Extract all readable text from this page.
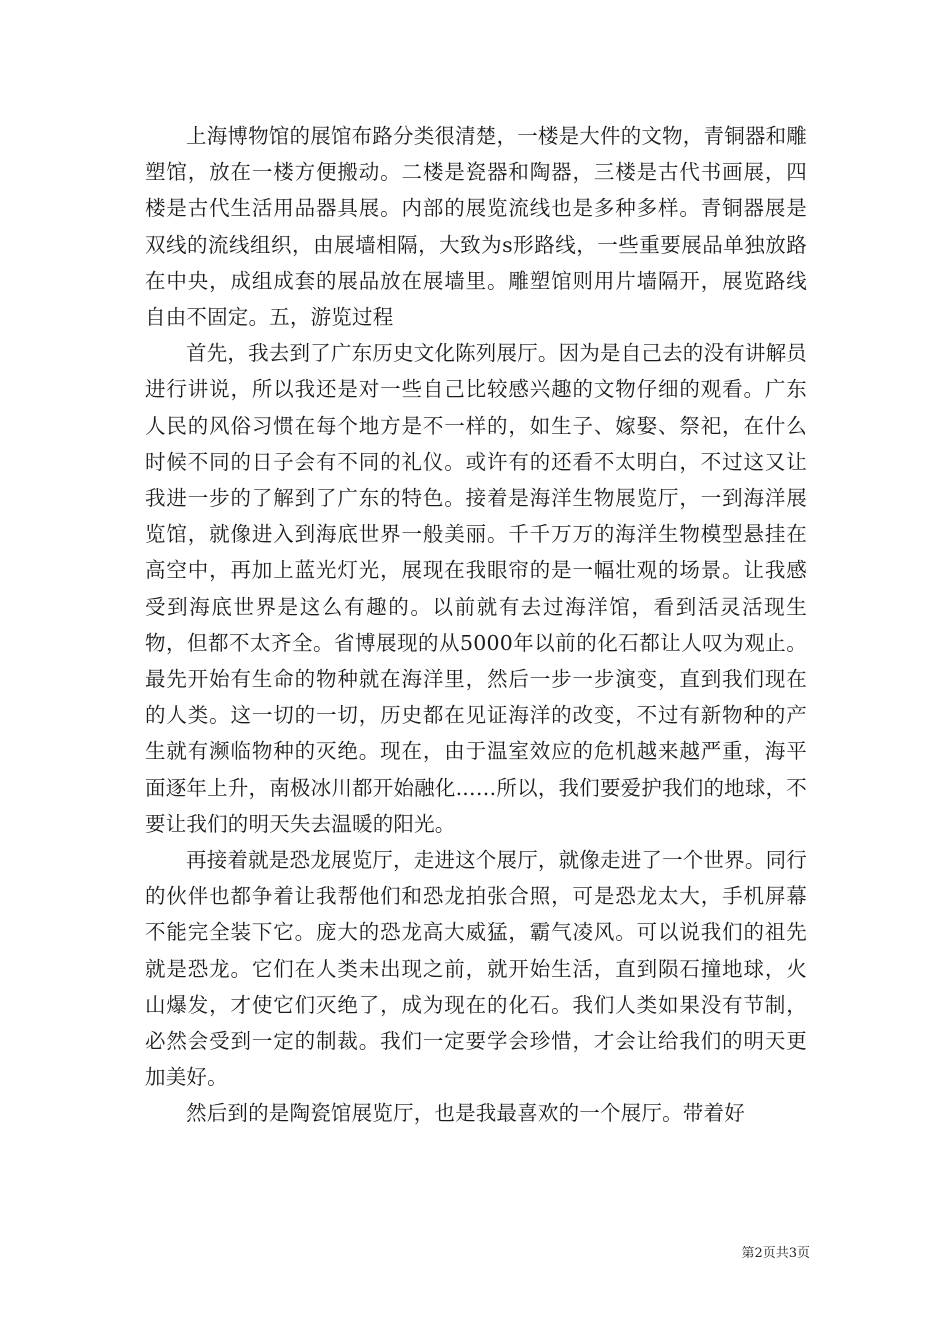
上海博物馆的展馆布路分类很清楚，一楼是大件的文物，青铜器和雕塑馆，放在一楼方便搬动。二楼是瓷器和陶器，三楼是古代书画展，四楼是古代生活用品器具展。内部的展览流线也是多种多样。青铜器展是双线的流线组织，由展墙相隔，大致为s形路线，一些重要展品单独放路在中央，成组成套的展品放在展墙里。雕塑馆则用片墙隔开，展览路线自由不固定。五，游览过程

首先，我去到了广东历史文化陈列展厅。因为是自己去的没有讲解员进行讲说，所以我还是对一些自己比较感兴趣的文物仔细的观看。广东人民的风俗习惯在每个地方是不一样的，如生子、嫁娶、祭祀，在什么时候不同的日子会有不同的礼仪。或许有的还看不太明白，不过这又让我进一步的了解到了广东的特色。接着是海洋生物展览厅，一到海洋展览馆，就像进入到海底世界一般美丽。千千万万的海洋生物模型悬挂在高空中，再加上蓝光灯光，展现在我眼帘的是一幅壮观的场景。让我感受到海底世界是这么有趣的。以前就有去过海洋馆，看到活灵活现生物，但都不太齐全。省博展现的从5000年以前的化石都让人叹为观止。最先开始有生命的物种就在海洋里，然后一步一步演变，直到我们现在的人类。这一切的一切，历史都在见证海洋的改变，不过有新物种的产生就有濒临物种的灭绝。现在，由于温室效应的危机越来越严重，海平面逐年上升，南极冰川都开始融化...…所以，我们要爱护我们的地球，不要让我们的明天失去温暖的阳光。

再接着就是恐龙展览厅，走进这个展厅，就像走进了一个世界。同行的伙伴也都争着让我帮他们和恐龙拍张合照，可是恐龙太大，手机屏幕不能完全装下它。庞大的恐龙高大威猛，霸气凌风。可以说我们的祖先就是恐龙。它们在人类未出现之前，就开始生活，直到陨石撞地球，火山爆发，才使它们灭绝了，成为现在的化石。我们人类如果没有节制，必然会受到一定的制裁。我们一定要学会珍惜，才会让给我们的明天更加美好。

然后到的是陶瓷馆展览厅，也是我最喜欢的一个展厅。带着好

第2页共3页
